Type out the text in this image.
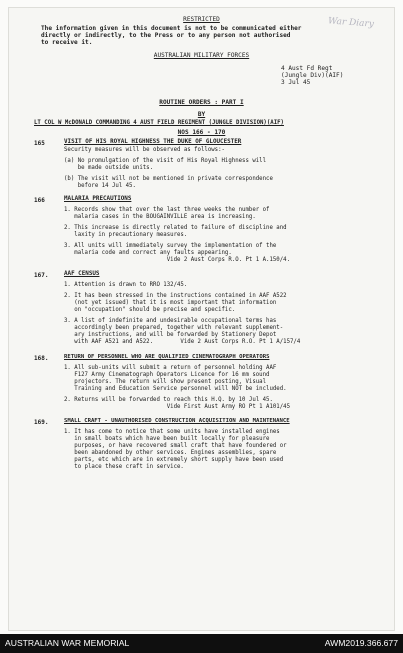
War Diary
RESTRICTED
The information given in this document is not to be communicated either
directly or indirectly, to the Press or to any person not authorised
to receive it.
AUSTRALIAN MILITARY FORCES
4 Aust Fd Regt
(Jungle Div)(AIF)
3 Jul 45
ROUTINE ORDERS : PART I
BY
LT COL W McDONALD COMMANDING 4 AUST FIELD REGIMENT (JUNGLE DIVISION)(AIF)
NOS 166 - 170
165	VISIT OF HIS ROYAL HIGHNESS THE DUKE OF GLOUCESTER
Security measures will be observed as follows:-
(a) No promulgation of the visit of His Royal Highness will
be made outside units.
(b) The visit will not be mentioned in private correspondence
before 14 Jul 45.
166	MALARIA PRECAUTIONS
1. Records show that over the last three weeks the number of
malaria cases in the BOUGAINVILLE area is increasing.
2. This increase is directly related to failure of discipline and
laxity in precautionary measures.
3. All units will immediately survey the implementation of the
malaria code and correct any faults appearing.
Vide 2 Aust Corps R.O. Pt 1 A.150/4.
167.	AAF CENSUS
1. Attention is drawn to RRO 132/45.
2. It has been stressed in the instructions contained in AAF A522
(not yet issued) that it is most important that information
on "occupation" should be precise and specific.
3. A list of indefinite and undesirable occupational terms has
accordingly been prepared, together with relevant supplement-
ary instructions, and will be forwarded by Stationery Depot
with AAF A521 and A522.        Vide 2 Aust Corps R.O. Pt 1 A/157/4
168.	RETURN OF PERSONNEL WHO ARE QUALIFIED CINEMATOGRAPH OPERATORS
1. All sub-units will submit a return of personnel holding AAF
F127 Army Cinematograph Operators Licence for 16 mm sound
projectors. The return will show present posting, Visual
Training and Education Service personnel will NOT be included.
2. Returns will be forwarded to reach this H.Q. by 10 Jul 45.
Vide First Aust Army RO Pt 1 A101/45
169.	SMALL CRAFT - UNAUTHORISED CONSTRUCTION ACQUISITION AND MAINTENANCE
1. It has come to notice that some units have installed engines
in small boats which have been built locally for pleasure
purposes, or have recovered small craft that have foundered or
been abandoned by other services. Engines assemblies, spare
parts, etc which are in extremely short supply have been used
to place these craft in service.
AUSTRALIAN WAR MEMORIAL	AWM2019.366.677
